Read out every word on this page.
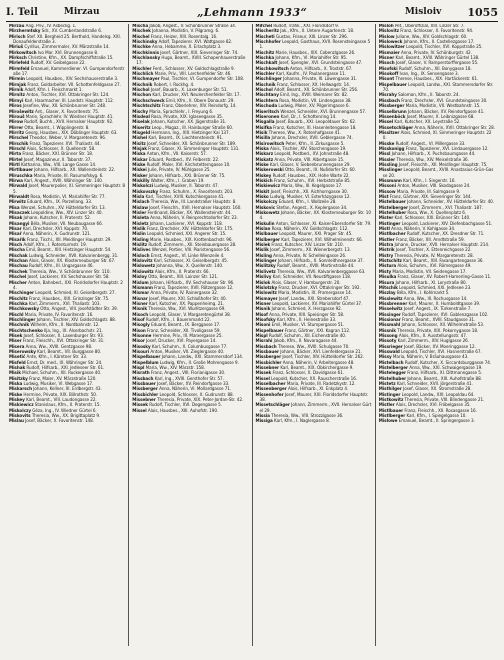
I. Teil	Mirzau	„Lehmann 1933“	Misloiv 1055

Mirzau Ang. Priv., IV. Asbeckg. 1.

Mirzhermtsky Sdr., XV. Cumberlandstraße 6.

Mirisch Stef. XII. Bergheid 25. Berthold, Handelsg. XXI. Donaufelderstraße 3.

Miriuš Cyrillus, Zimmermaler, XV. Märzstraße 14.

Mirkowitsch Ivo Mar. XVI. Brunnengasse 8.

Mirksch Christine, Kfm., XX. Dampfschiffstraße 15.

Mirlefeld Rudolf, XV. Geibelgasse 22.

Mirmfeld Emanuel, Kammerdiener. VI. Gumpendorferstraße 17.

Mirmin Leopold, Hausbes., XIV. Sechshauserstraße 3.

Mirnjak Franz, Goldarbeiter. VII. Schottenfeldgasse 27.

Mirnik Adolf, Kfm. I. Fleischmarkt 1.

Mirnitz Anton, Tischler, XVI. Ottakringer Str. 124.

Mirnyi Karl, Haarmacher. III. Landstr. Hauptstr. 112.

Miros Josefine, Ww., XII. Schönbrunner Str. 248.

Mirošewitz Ant., Glaser, X. Favoritenstr. 75.

Mirouš Marie, Sprachlehr. IV. Wiedner Hauptstr. 41.

Mirow Rudolf, Buchh., XVII. Hernalser Hauptstr. 92.

Mirrer Otto, Beamt., I. Wipplingerstr. 8.

Mirritz Georg, Hausbes., XIX. Döblinger Hauptstr. 63.

Mirschel Theodor, Weber, V. Margaretenstr. 96.

Mirschik Franz, Tapezierer. XVI. Thaliastr. 44.

Mirschl Alois, Schlosser, X. Quellenstr. 58.

Mirta Franz, Bäcker, XXI. Brünner Str. 18.

Mirtel Josef, Magazineur, II. Taborstr. 37.

Mirtl Katharina, Ww., VIII. Lange Gasse 14.

Mirtlbauer Johann, Hilfsarb., XX. Wallensteinstr. 22.

Miruschka Maria, Private, III. Rasumofskyg. 6.

Mirwa Karl, Angest., XVIII. Währinger Str. 140.

Mirwald Josef, Maurerpolier, XI. Simmeringer Hauptstr. 85.

Mirwaldt Rosa, Modistin, VI. Mariahilfer Str. 77.

Mirwitz Eduard, Kfm., IX. Porzellang. 33.

Misa Wenzel, Schuhm., XV. Hütteldorfer Str. 13.

Misaczek Leopoldine, Ww., XIV. Linzer Str. 40.

Misak Johann, Kutscher, II. Praterstr. 52.

Misangyi Béla, Musiker, VII. Neubaugasse 66.

Misar Karl, Drechsler, XVI. Koppstr. 70.

Misař Anna, Näherin, X. Gudrunstr. 121.

Misařík Franz, Tischl., XII. Meidlinger Hauptstr. 29.

Misch Adolf, Kfm., I. Rotenturmstr. 19.

Mischa Emil, Beamt., XIII. Hietzinger Hauptstr. 54.

Mischak Ludwig, Schneider, XVII. Kalvarienbergg. 31.

Mischan Alois, Glaser, XX. Klosterneuburger Str. 67.

Mischau Rudolf, Kfm., III. Ungargasse 46.

Mischek Theresia, Ww., V. Schönbrunner Str. 110.

Mischel Josef, Lackierer, XV. Sechshauser Str. 58.

Mischer Anton, Bahnbed., XXI. Floridsdorfer Hauptstr. 24.

Mischinger Leopold, Schmied, XI. Geiselbergstr. 27.

Mischitz Franz, Hausbes., XIX. Grinzinger Str. 75.

Mischka Karl, Zimmerm., XVI. Thaliastr. 103.

Mischkowsky Otto, Angest., VIII. Josefstädter Str. 39.

Mischl Maria, Private, IV. Favoritenstr. 16.

Mischlinger Johann, Tischler, XIV. Goldschlagstr. 88.

Mischnik Wilhelm, Kfm., II. Nordbahnstr. 12.

Mischtschenko Ilja, Ing., IX. Alserbachstr. 21.

Misek Josef, Schlosser, X. Laxenburger Str. 93.

Miser Franz, Fleischh., XVI. Ottakringer Str. 31.

Misera Anna, Ww., XVIII. Gentzgasse 98.

Miserowsky Karl, Beamt., VII. Burggasse 80.

Misetić Ante, Kfm., I. Kärntner Str. 33.

Misfeld Ernst, Dr. med., IX. Währinger Str. 24.

Mishak Rudolf, Hilfsarb., XXI. Jedleseer Str. 61.

Misik Michael, Schuhm., XII. Ruckergasse 40.

Misitzky Franz, Maler, XV. Märzstraße 120.

Miska Ludwig, Musiker, VI. Webgasse 17.

Miskarsch Johann, Kellner, III. Erdbergstr. 43.

Miske Hermine, Private, XIX. Billrothstr. 50.

Miskey Karl, Beamt., VIII. Laudongasse 22.

Miskiewicz Stanislaus, Kfm., II. Praterstr. 15.

Miskolczy Géza, Ing., IV. Wiedner Gürtel 6.

Miskovits Theresia, Ww., XX. Brigittaplatz 9.

Mislau Josef, Bäcker, X. Favoritenstr. 148.

Mischa Jakob, Angest., V. Schönbrunner Straße 34.

Mischek Johanna, Modistin, V. Pilgramg. 6.

Mischel Franz, Heizer, XIII. Rosentalg. 16.

Mischinsky Adolf, Tapezierer. XVI. Wattgasse 82.

Mischke Anna, Hebamme, X. Erlachplatz 3.

Mischkinnis Josef, Gärtner, XIX. Sieveringer Str. 74.

Mischlansky Hugo, Beamt., XVIII. Schopenhauerstraße 17.

Mischler Ferd., Schlosser, XV. Goldschlagstraße 9.

Mischlich Marie, Priv., VIII. Lerchenfelder Str. 46.

Mischmayer Paul, Tischler, VI. Gumpendorfer Str. 108.

Mischnik Robert, I. Rockhg. 4.

Mischol Josef, Bauarb., X. Laxenburger Str. 51.

Mischon Karl, Drucker, XVI. Neulerchenfelder Str. 17.

Mischschweck Emil, Kfm., II. Obere Donaustr. 29.

Mischtschitz Franz, Oberlehrer, XIV. Reindorfg. 14.

Mischy Maria, Sprachlehr., I. Freyung 6.

Misdeal Rosa, Private, XIX. Iglaseegasse 35.

Miselak Johann, Kutscher, XX. Jägerstraße 31.

Miseritz Leop., Magaz., III. Hainburger Straße 60.

Misgeld Hermann, Ing., XIII. Hietzinger Kai 137.

Mishel Karl, Beamt., IX. Liechtensteinstr. 91.

Misitz Josef, Schneider, XII. Schönbrunner Str. 189.

Misjak Franz, Glaser, XI. Simmeringer Hauptstr. 131.

Miska Anton, Kfm., VII. Kaiserstr. 57.

Miskar Eduard, Postbed., XV. Felberstr. 22.

Miske Rudolf, Maler, XVI. Kirchstetterngasse 10.

Miskei Julie, Private, IV. Mühlgasse 25.

Misker Johann, Hilfsarb., XXI. Brünner Str. 75.

Miskilly Walter, Kfm., I. Graben 19.

Miskolczi Ludwig, Musiker, II. Taborstr. 47.

Miskovszky Franz, Schuhm., X. Favoritenstr. 203.

Misla Karl, Tischler, XVIII. Kutschkergasse 41.

Mislach Theresia, Ww., III. Landstraßer Hauptstr. 8.

Mislaw Josef, Fleischh., XVII. Hernalser Hauptstr. 160.

Misler Ferdinand, Bäcker, XX. Wallensteinstr. 44.

Misleta Anna, Näherin, V. Reinprechtsdorfer Str. 23.

Misletz Johann, Lackierer, XVI. Koppstr. 118.

Mislik Franz, Drechsler, XIV. Hütteldorfer Str. 175.

Mislin Leopold, Schmied, XXI. Angerer Str. 15.

Misling Marie, Hausbes., XIX. Krottenbachstr. 96.

Mislitz Rudolf, Zimmerm., XII. Steinbauergasse 28.

Mislivec Wenzel, Portier, VIII. Piaristengasse 56.

Misloch Ernst, Angest., VI. Linke Wienzeile 4.

Mislovitz Karl, Schlosser, XI. Geiselbergstr. 45.

Mislowetz Johanna, Ww., X. Quellenstr. 140.

Mislowitz Alois, Kfm., II. Praterstr. 66.

Misloy Otto, Beamt., XIII. Lainzer Str. 121.

Mislum Johann, Hilfsarb., XV. Sechshauser Str. 96.

Mismann Franz, Tapezierer, XVII. Rötzergasse 12.

Mismar Anna, Private, IV. Rainergasse 32.

Misnar Josef, Maurer, XXI. Schloßhofer Str. 40.

Misner Karl, Kutscher, XX. Pappenheimg. 21.

Misnik Theresia, Ww., XVI. Wurlitzergasse 69.

Misoch Leopold, Glaser, V. Margaretengürtel 38.

Misof Rudolf, Kfm., I. Bauernmarkt 22.

Misogly Eduard, Beamt., IX. Berggasse 17.

Mison Franz, Schneider, XII. Tivoligasse 59.

Misonne Hermine, Priv., III. Marxergasse 25.

Misor Josef, Drucker, XVI. Payergasse 14.

Misosky Karl, Schuhm., X. Columbusgasse 77.

Misouri Anton, Musiker, VII. Zieglergasse 40.

Mispelbauer Johann, Landw., XXI. Stammersdorf 134.

Mispelblum Ludwig, Kfm., II. Große Mohrengasse 9.

Mispl Maria, Ww., XIV. Märzstr. 158.

Misrath Franz, Angest., VIII. Florianigasse 30.

Missbach Karl, Ing., XVIII. Gersthofer Str. 57.

Missbauer Josef, Bäcker, XV. Reindorfgasse 33.

Missberger Anna, Näherin, VI. Mollardgasse 71.

Missbichler Leopold, Schlosser, X. Gudrunstr. 88.

Missebner Theresia, Private, XIX. Peter-Jordan-Str. 42.

Missek Rudolf, Tischler, XVI. Degengasse 5.

Missel Alois, Hausbes., XIII. Auhofstr. 190.

Mifchel Rudolf, Trafik., XXI. Floridsdorf 9.

Mischeritz Jak., Kfm., II. Untere Augartenstr. 18.

Mischeti Gustav, Friseur, XIII. Linzer Str. 296.

Mischhofer Leopold, Gasthaus, XVII. Rosensteingasse 51.

Mischitz Marie, Hausbes., XIX. Cobenzlgasse 26.

Mischka Johann, Kfm., VI. Mariahilfer Str. 95.

Mischkalt Josef, Spengler, XVI. Grundsteingasse 47.

Mischkowitsch Anton, Hilfsarb., X. Troststr. 67.

Mischler Karl, Kaufm., IV. Paulanergasse 11.

Mischlinger Johanna, Private, III. Löwengasse 31.

Mischnik Franz, Schlosser, XX. Hellwagstr. 14.

Mischol Adolf, Beamt., XII. Schönbrunner Str. 256.

Mischtany Emil, Ing., XVIII. Weimarer Str. 82.

Mischtera Rosa, Modistin, VII. Lindengasse 38.

Mischuda Ludwig, Maler, XV. Pilgerimgasse 6.

Miseritsch Wenzel, Schneider, XVI. Brunnengasse 57.

Miseronen Karl, Dr., I. Schottenring 14.

Misgalla Josef, Bauarb., XXI. Leopoldauer Str. 62.

Misifka Franz, Kutscher, XI. Hasenleitengasse 18.

Misik Therese, Ww., X. Rotenhofgasse 41.

Misilla Johann, Drechsler, XVII. Geblergasse 74.

Misirowitsch Peter, Kfm., II. Zirkusgasse 5.

Miska Alois, Tischler, XIV. Storchengasse 19.

Miskarz Leopold, Postbed., XV. Johnstraße 48.

Miskatz Anna, Private, VIII. Albertgasse 15.

Miske Karl, Glaser, V. Siebenbrunnengasse 29.

Miskerowski Otto, Beamt., IX. Nußdorfer Str. 60.

Miskey Rudolf, Hausbes., XIX. Hohe Warte 22.

Miskich Franz, Schuhm., XVI. Herbststraße 85.

Miskiewicz Maria, Ww., III. Kegelgasse 17.

Miskit Josef, Fleischh., XII. Aichhorngasse 30.

Misko Ludwig, Musiker, VI. Esterházygasse 12.

Miskolczy Eduard, Kfm., I. Wollzeile 28.

Miskovic Stefan, Angest., X. Keplergasse 34.

Miskowetz Johann, Bäcker, XX. Klosterneuburger Str. 104.

Miskulin Anton, Schlosser, XI. Kaiser-Ebersdorfer Str. 79.

Mislan Rosa, Näherin, XV. Goldschlagstr. 112.

Mislbauer Leopold, Maurer, XXI. Prager Str. 45.

Mislberger Karl, Tapezierer, XVI. Wilhelminenstr. 66.

Mislek Franz, Kutscher, XIV. Linzer Str. 210.

Mislik Josef, Zimmerm., XII. Wienerbergstr. 13.

Misling Anna, Private, IV. Schelleingasse 26.

Mislinger Johann, Hilfsarb., X. Sonnleithnergasse 37.

Mislitzky Rudolf, Beamt., XVIII. Martinstraße 44.

Mislivetz Theresia, Ww., XVII. Kalvarienberggasse 63.

Mislivy Karl, Schneider, VII. Neustiftgasse 118.

Mislok Alois, Glaser, V. Hamburgerstr. 20.

Mislotzky Franz, Drucker, XVI. Ottakringer Str. 192.

Mislowitz Maria, Modistin, IX. Pramergasse 14.

Mismayer Josef, Landw., XXI. Strebersdorf 47.

Misner Leopold, Lackierer, XV. Mariahilfer Gürtel 37.

Misnik Johann, Schmied, X. Herzgasse 92.

Misof Anna, Private, XIII. Speisinger Str. 58.

Misofsky Karl, Kfm., II. Heinestraße 33.

Misoni Emil, Musiker, VI. Stumpergasse 51.

Mispelbauer Franz, Gärtner, XXI. Kagran 112.

Mispl Rudolf, Schuhm., XII. Eichenstraße 40.

Misrahi Jakob, Kfm., II. Novaragasse 44.

Missbach Therese, Ww., XVIII. Schulgasse 70.

Missbauer Johann, Bäcker, XVI. Lienfeldergasse 21.

Missberger Josef, Tischler, XIV. Hütteldorfer Str. 262.

Missbichler Anna, Näherin, V. Arbeitergasse 48.

Missebner Karl, Beamt., XIX. Obkirchergasse 9.

Missek Franz, Schlosser, X. Davidgasse 61.

Missel Leopold, Kutscher, XX. Rauscherstraße 16.

Misselbacher Maria, Private, III. Radetzkystr. 12.

Missenberger Alois, Hilfsarb., XI. Enkplatz 4.

Missenhofer Josef, Maurer, XXI. Floridsdorfer Hauptstr. 38.

Missetschläger Johann, Zimmerm., XVII. Hernalser Gürtel 29.

Missia Theresia, Ww., VIII. Strozzigasse 36.

Missiga Karl, Kfm., I. Naglergasse 8.

Misloh Pet., Oberoffizial, XIII. Linzer Str. 7.

Mislovitz Franz, Schlosser, X. Favoritenstr. 94.

Mislow Juliane, Ww., XIV. Goldschlagstr. 60.

Misloweck Johann, Kfm., II. Castellezgasse 17.

Mislowitzer Leopold, Tischler, XVI. Koppstraße 25.

Mismaier Anna, Private, IV. Schönburgstr. 42.

Misner Karl, Beamt., XVIII. Währinger Gürtel 138.

Misoch Josef, Glaser, V. Ramperstorffergasse 55.

Misofski Rudolf, Schuhm., XII. Bonygasse 18.

Misokoff Ivan, Ing., IX. Sensengasse 3.

Misont Therese, Hausbes., XIX. Hartäckerstr. 61.

Mispelbauer Leopold, Landw., XXI. Stammersdorfer Str. 70.

Misrahy Salomon, Kfm., II. Taborstr. 24.

Missbach Franz, Drechsler, XVI. Grundsteingasse 30.

Missberger Maria, Modistin, VII. Westbahnstr. 15.

Misselbrunn Johann, Bäcker, XV. Reindorfgasse 41.

Missenböck Josef, Maurer, X. Leibnizgasse 68.

Missel Karl, Kutscher, XX. Leystraße 52.

Missetschläger Anna, Näherin, XVII. Ottakringer Str. 28.

Missitzer Alois, Schmied, XI. Simmeringer Hauptstr. 220.

Misske Rudolf, Angest., VI. Millergasse 33.

Misskonigg Franz, Tapezierer, XVI. Lindauergasse 12.

Missl Johann, Hilfsarb., X. Puchsbaumgasse 44.

Missler Theresia, Ww., XIV. Meiselstraße 36.

Missling Josef, Fleischh., XII. Meidlinger Hauptstr. 75.

Misslinger Leopold, Beamt., XVIII. Anastasius-Grün-Gasse 20.

Missmann Karl, Kfm., I. Singerstr. 16.

Missoni Anton, Musiker, VIII. Skodagasse 24.

Missow Maria, Private, III. Salmgasse 9.

Mist Franz, Gärtner, XIX. Sieveringer Str. 144.

Mistelbauer Johann, Schneider, XV. Hütteldorfer Str. 40.

Mistelberger Josef, Zimmerm., XVI. Thaliastr. 187.

Mistelhuber Rosa, Ww., X. Quellenplatz 6.

Mister Karl, Schlosser, XXI. Brünner Str. 140.

Mistinger Leopold, Lackierer, XIV. Diefenbachgasse 51.

Mistl Anna, Näherin, V. Kohlgasse 34.

Mistlbacher Rudolf, Kutscher, XX. Dresdner Str. 71.

Mistler Franz, Bäcker, XII. Arndtstraße 59.

Mistra Johann, Drucker, XVII. Hernalser Hauptstr. 214.

Mistrik Josef, Tischler, X. Ettenreichgasse 22.

Mistry Theresia, Private, IV. Margaretenstr. 28.

Mistschitz Karl, Beamt., XIII. Fasangartengasse 36.

Mistura Alois, Schuhm., XVI. Römergasse 49.

Misty Maria, Modistin, VII. Seidengasse 17.

Misulka Franz, Glaser, XV. Robert-Hamerling-Gasse 11.

Misura Johann, Hilfsarb., XI. Lorystraße 80.

Mitschik Leopold, Schmied, XXI. Jedlesee 23.

Miszlay Béla, Kfm., I. Kohlmarkt 5.

Misslewitz Anna, Ww., III. Rochusgasse 14.

Missbrenner Karl, Maurer, X. Humboldtgasse 39.

Misselwitz Josef, Angest., IX. Türkenstraße 7.

Missinger Rudolf, Tapezierer, XVI. Gablenzgasse 102.

Missionar Franz, Beamt., XVIII. Staudgasse 31.

Missmahl Johann, Schlosser, XII. Wilhelmstraße 53.

Missnik Theresia, Private, XIX. Pokornygasse 18.

Missong Alois, Kfm., II. Ausstellungsstr. 47.

Missoty Karl, Zimmerm., XIV. Huglgasse 26.

Missrieger Josef, Bäcker, XV. Moeringgasse 12.

Misswald Leopold, Tischler, XVI. Hasnerstraße 67.

Missy Maria, Näherin, V. Bräuhausgasse 43.

Mistelbach Rudolf, Kutscher, X. Siccardsburggasse 74.

Mistelberger Anna, Ww., XXI. Schwaigergasse 19.

Mistelegger Franz, Hilfsarb., XI. Dittmanngasse 5.

Mistelhuber Johann, Beamt., XIII. Auhofstraße 88.

Mistetz Karl, Schneider, XVII. Jörgerstraße 41.

Misthilger Josef, Glaser, XX. Stromstraße 28.

Mistinger Leopold, Landw., XXI. Leopoldau 64.

Mistkowitz Theresia, Private, VIII. Blindengasse 21.

Mistler Alois, Drechsler, XVI. Fröbelgasse 35.

Mistlbauer Franz, Fleischh., XII. Rosasgasse 16.

Mistlberger Karl, Kfm., I. Spiegelgasse 10.

Misłowe Emanuel, Beamt., II. Springergasse 3.
